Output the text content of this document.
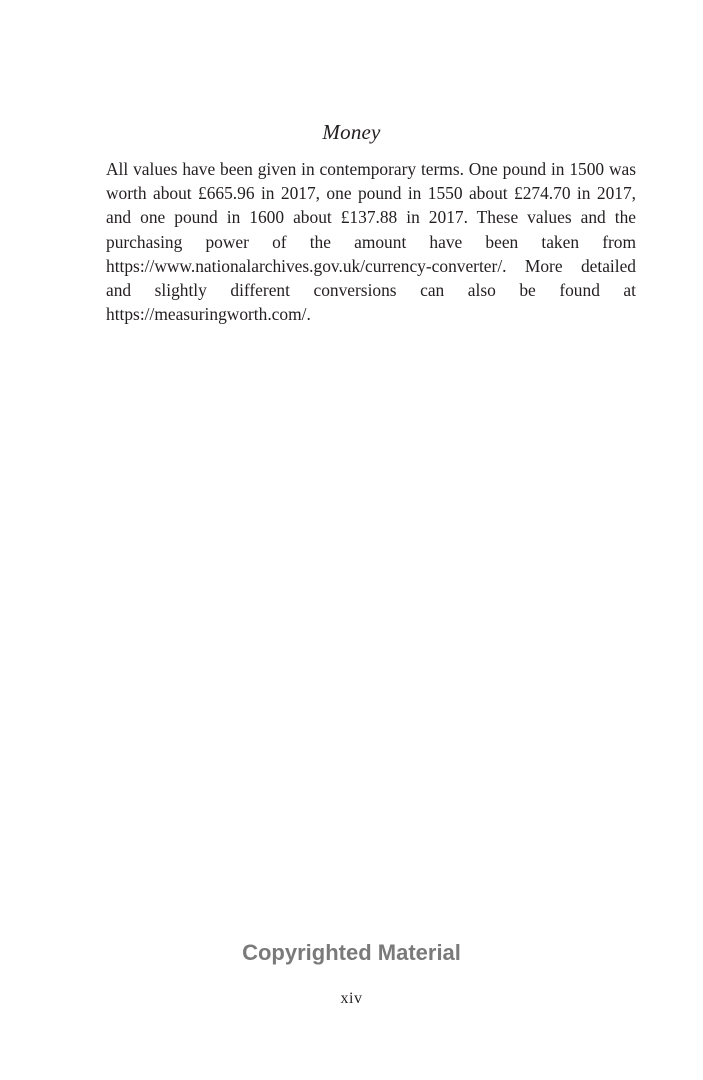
Money

All values have been given in contemporary terms. One pound in 1500 was worth about £665.96 in 2017, one pound in 1550 about £274.70 in 2017, and one pound in 1600 about £137.88 in 2017. These values and the purchasing power of the amount have been taken from https://www.nationalarchives.gov.uk/currency-converter/. More detailed and slightly different conversions can also be found at https://measuringworth.com/.

Copyrighted Material
xiv
